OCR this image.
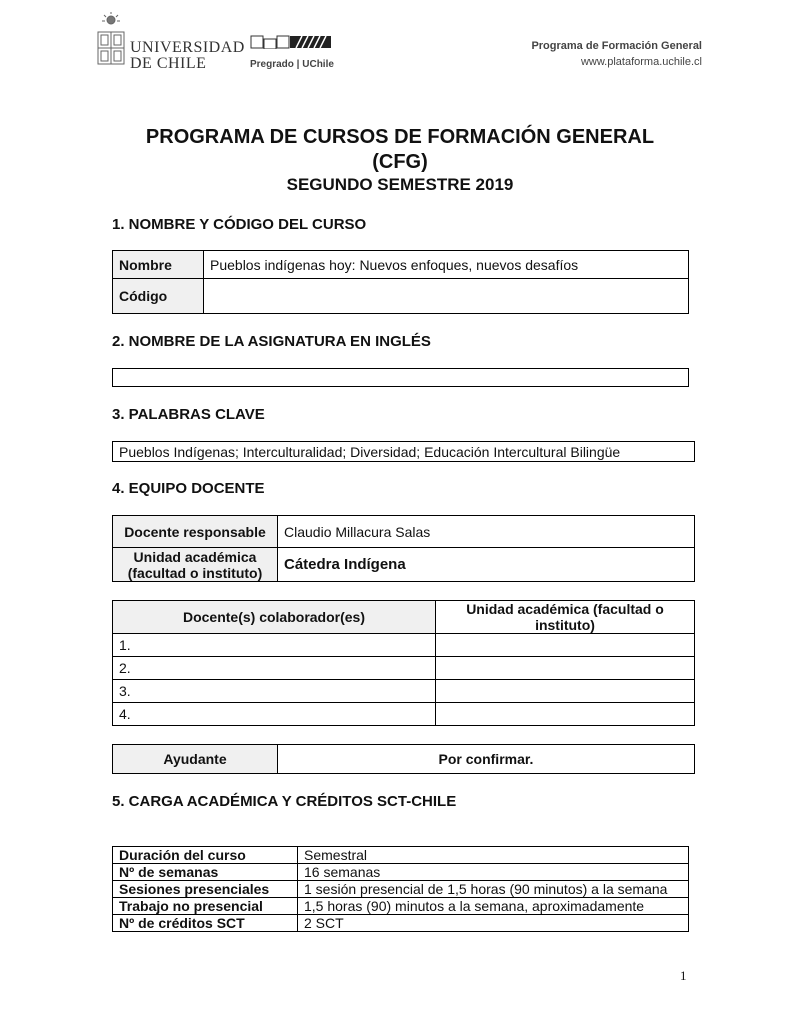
UNIVERSIDAD
DE CHILE	Pregrado | UChile
Programa de Formación General
www.plataforma.uchile.cl
PROGRAMA DE CURSOS DE FORMACIÓN GENERAL
(CFG)
SEGUNDO SEMESTRE 2019
1. NOMBRE Y CÓDIGO DEL CURSO
Nombre	Pueblos indígenas hoy: Nuevos enfoques, nuevos desafíos
Código	
2. NOMBRE DE LA ASIGNATURA EN INGLÉS
3. PALABRAS CLAVE
Pueblos Indígenas; Interculturalidad; Diversidad; Educación Intercultural Bilingüe
4. EQUIPO DOCENTE
Docente responsable	Claudio Millacura Salas

Unidad académica
(facultad o instituto)	Cátedra Indígena
Docente(s) colaborador(es)	Unidad académica (facultad o
instituto)

1.	
2.	
3.	
4.	
Ayudante	Por confirmar.
5. CARGA ACADÉMICA Y CRÉDITOS SCT-CHILE
Duración del curso	Semestral
Nº de semanas	16 semanas
Sesiones presenciales	1 sesión presencial de 1,5 horas (90 minutos) a la semana
Trabajo no presencial	1,5 horas (90) minutos a la semana, aproximadamente
Nº de créditos SCT	2 SCT
1
